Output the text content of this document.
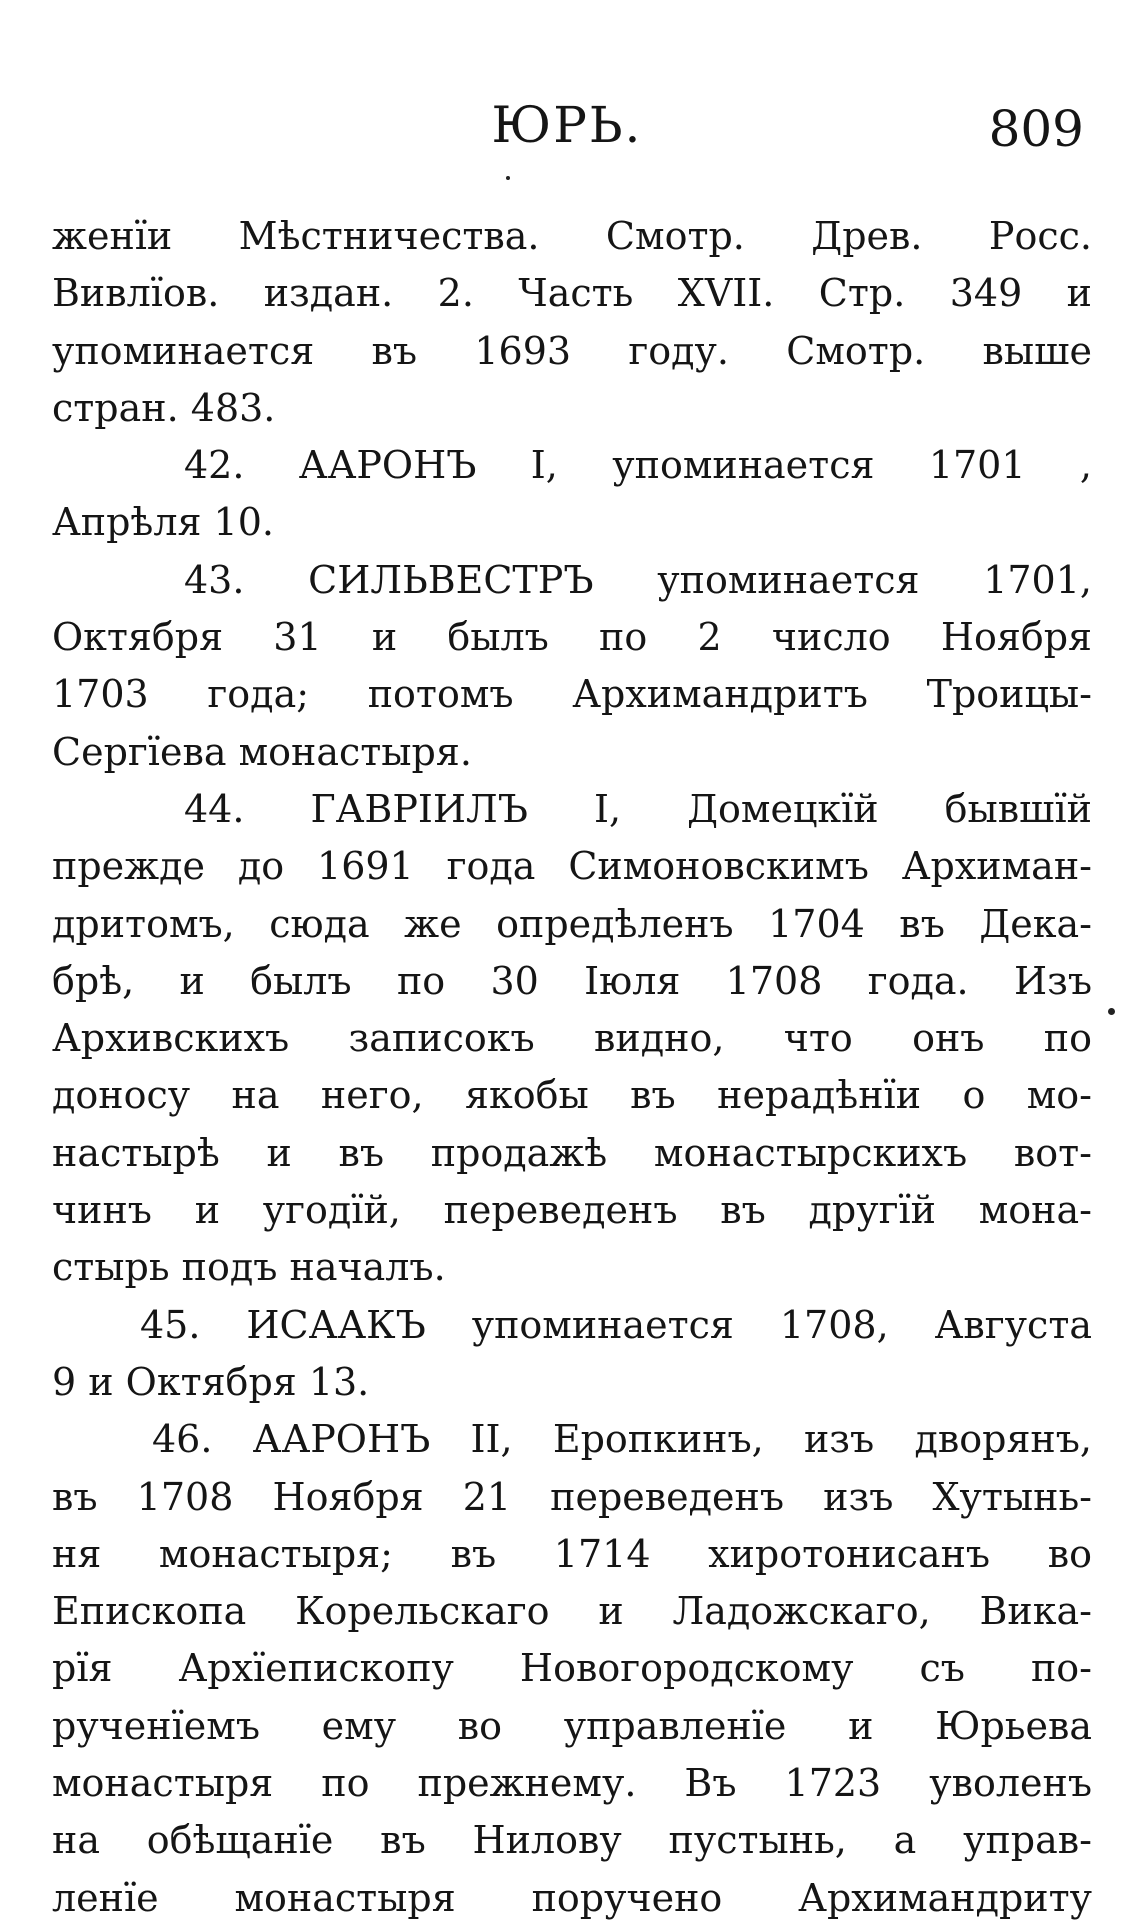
ЮРЬ.	809
женїи Мѣстничества. Смотр. Древ. Росс.
Вивлїов. издан. 2. Часть XVII. Стр. 349 и
упоминается въ 1693 году. Смотр. выше
стран. 483.
42. ААРОНЪ I, упоминается 1701 ,
Апрѣля 10.
43. СИЛЬВЕСТРЪ упоминается 1701,
Октября 31 и былъ по 2 число Ноября
1703 года; потомъ Архимандритъ Троицы-
Сергїева монастыря.
44. ГАВРIИЛЪ I, Домецкїй бывшїй
прежде до 1691 года Симоновскимъ Архиман-
дритомъ, сюда же опредѣленъ 1704 въ Дека-
брѣ, и былъ по 30 Iюля 1708 года. Изъ
Архивскихъ записокъ видно, что онъ по
доносу на него, якобы въ нерадѣнїи о мо-
настырѣ и въ продажѣ монастырскихъ вот-
чинъ и угодїй, переведенъ въ другїй мона-
стырь подъ началъ.
45. ИСААКЪ упоминается 1708, Августа
9 и Октября 13.
46. ААРОНЪ II, Еропкинъ, изъ дворянъ,
въ 1708 Ноября 21 переведенъ изъ Хутынь-
ня монастыря; въ 1714 хиротонисанъ во
Епископа Корельскаго и Ладожскаго, Вика-
рїя Архїепископу Новогородскому съ по-
рученїемъ ему во управленїе и Юрьева
монастыря по прежнему. Въ 1723 уволенъ
на обѣщанїе въ Нилову пустынь, а управ-
ленїе монастыря поручено Архимандриту
